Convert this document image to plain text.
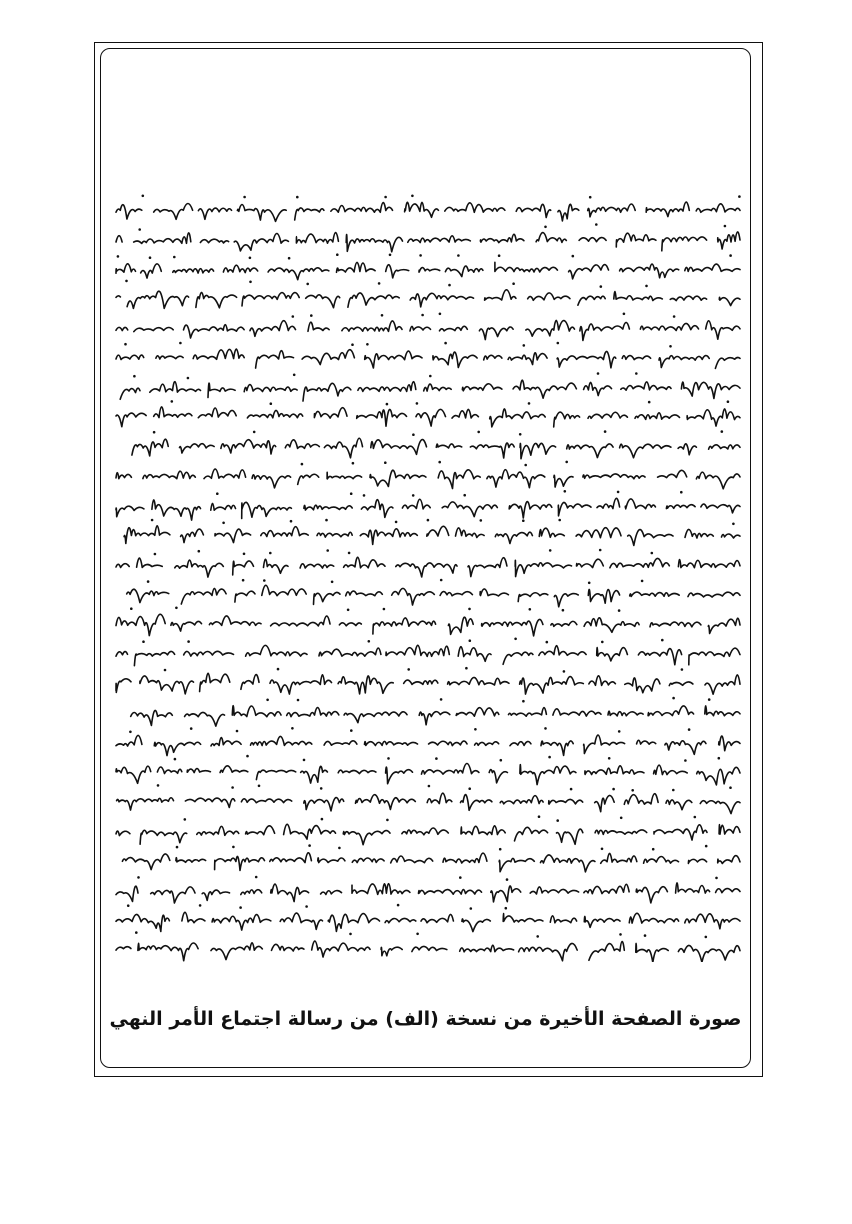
صورة الصفحة الأخيرة من نسخة (الف) من رسالة اجتماع الأمر النهي
